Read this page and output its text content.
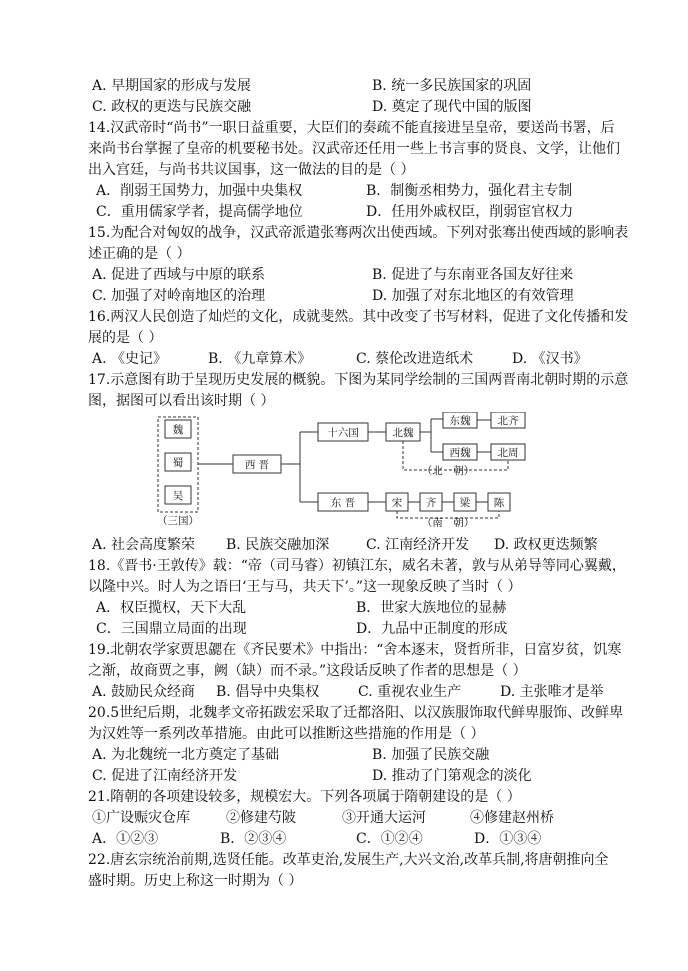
A. 早期国家的形成与发展	B. 统一多民族国家的巩固
C. 政权的更迭与民族交融	D. 奠定了现代中国的版图
14.汉武帝时“尚书”一职日益重要，大臣们的奏疏不能直接进呈皇帝，要送尚书署，后
来尚书台掌握了皇帝的机要秘书处。汉武帝还任用一些上书言事的贤良、文学，让他们
出入宫廷，与尚书共议国事，这一做法的目的是（ ）
A．削弱王国势力，加强中央集权	B．制衡丞相势力，强化君主专制
C．重用儒家学者，提高儒学地位	D．任用外戚权臣，削弱宦官权力
15.为配合对匈奴的战争，汉武帝派遣张骞两次出使西域。下列对张骞出使西域的影响表
述正确的是（ ）
A. 促进了西域与中原的联系	B. 促进了与东南亚各国友好往来
C. 加强了对岭南地区的治理	D. 加强了对东北地区的有效管理
16.两汉人民创造了灿烂的文化，成就斐然。其中改变了书写材料，促进了文化传播和发
展的是（ ）
A. 《史记》	B. 《九章算术》	C. 蔡伦改进造纸术	D. 《汉书》
17.示意图有助于呈现历史发展的概貌。下图为某同学绘制的三国两晋南北朝时期的示意
图，据图可以看出该时期（ ）
魏
蜀
吴
（三国）
西 晋
十六国	北魏
东魏	北齐
西魏	北周
（北　朝）
东 晋	宋 齐 梁 陈
（南　朝）
A. 社会高度繁荣 B. 民族交融加深	C. 江南经济开发 D. 政权更迭频繁
18.《晋书·王敦传》载：“帝（司马睿）初镇江东，威名未著，敦与从弟导等同心翼戴，
以隆中兴。时人为之语曰‘王与马，共天下’。”这一现象反映了当时（ ）
A．权臣揽权，天下大乱	B．世家大族地位的显赫
C．三国鼎立局面的出现	D．九品中正制度的形成
19.北朝农学家贾思勰在《齐民要术》中指出：“舍本逐末，贤哲所非，日富岁贫，饥寒
之渐，故商贾之事，阙（缺）而不录。”这段话反映了作者的思想是（ ）
A. 鼓励民众经商 B. 倡导中央集权	C. 重视农业生产	D. 主张唯才是举
20.5世纪后期，北魏孝文帝拓跋宏采取了迁都洛阳、以汉族服饰取代鲜卑服饰、改鲜卑
为汉姓等一系列改革措施。由此可以推断这些措施的作用是（ ）
A. 为北魏统一北方奠定了基础	B. 加强了民族交融
C. 促进了江南经济开发	D. 推动了门第观念的淡化
21.隋朝的各项建设较多，规模宏大。下列各项属于隋朝建设的是（ ）
①广设赈灾仓库	②修建芍陂	③开通大运河	④修建赵州桥
A．①②③	B．②③④	C．①②④	D．①③④
22.唐玄宗统治前期,选贤任能。改革吏治,发展生产,大兴文治,改革兵制,将唐朝推向全
盛时期。历史上称这一时期为（ ）
